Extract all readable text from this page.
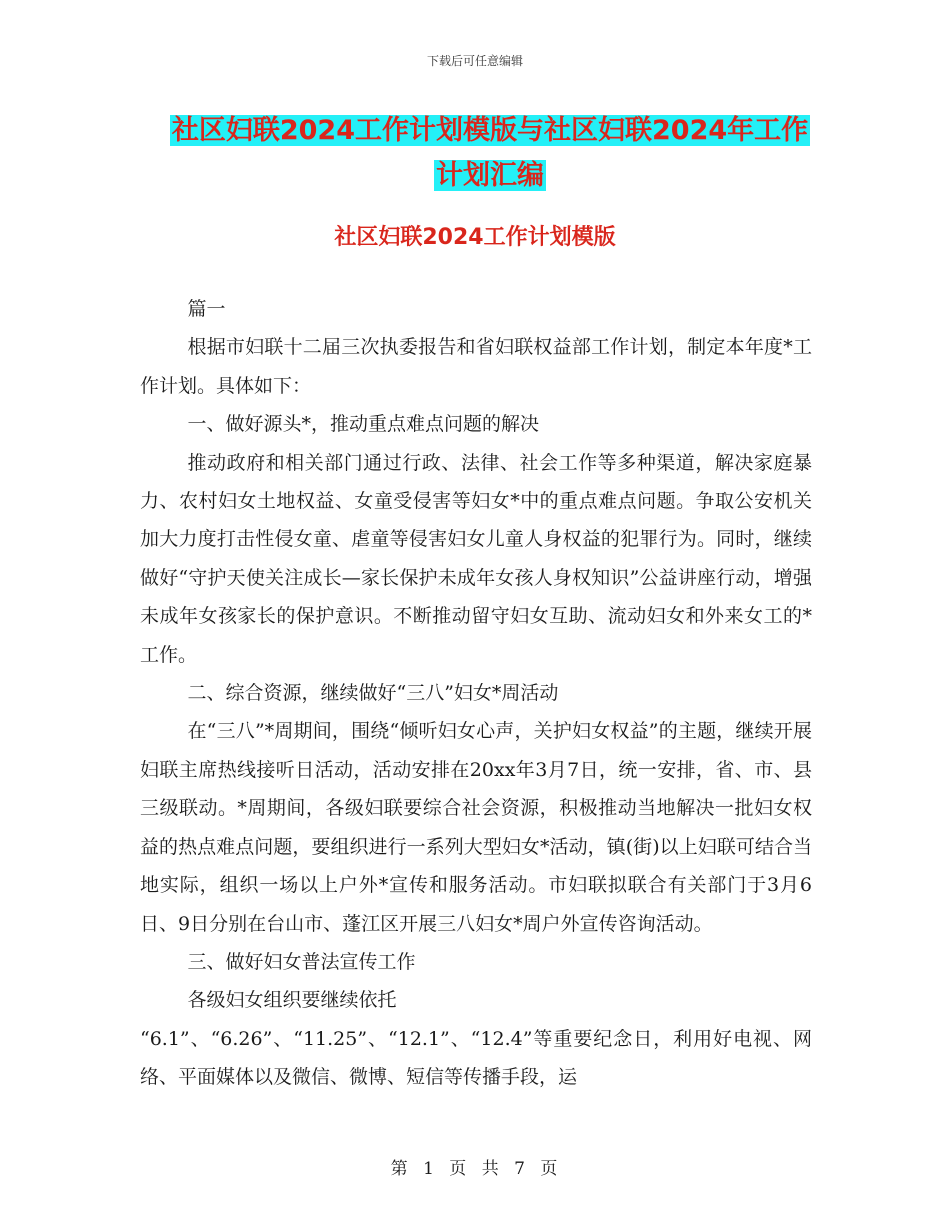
下载后可任意编辑
社区妇联2024工作计划模版与社区妇联2024年工作
计划汇编
社区妇联2024工作计划模版

篇一

根据市妇联十二届三次执委报告和省妇联权益部工作计划，制定本年度*工作计划。具体如下：

一、做好源头*，推动重点难点问题的解决

推动政府和相关部门通过行政、法律、社会工作等多种渠道，解决家庭暴力、农村妇女土地权益、女童受侵害等妇女*中的重点难点问题。争取公安机关加大力度打击性侵女童、虐童等侵害妇女儿童人身权益的犯罪行为。同时，继续做好“守护天使关注成长—家长保护未成年女孩人身权知识”公益讲座行动，增强未成年女孩家长的保护意识。不断推动留守妇女互助、流动妇女和外来女工的*工作。

二、综合资源，继续做好“三八”妇女*周活动

在“三八”*周期间，围绕“倾听妇女心声，关护妇女权益”的主题，继续开展妇联主席热线接听日活动，活动安排在20xx年3月7日，统一安排，省、市、县三级联动。*周期间，各级妇联要综合社会资源，积极推动当地解决一批妇女权益的热点难点问题，要组织进行一系列大型妇女*活动，镇(街)以上妇联可结合当地实际，组织一场以上户外*宣传和服务活动。市妇联拟联合有关部门于3月6日、9日分别在台山市、蓬江区开展三八妇女*周户外宣传咨询活动。

三、做好妇女普法宣传工作

各级妇女组织要继续依托

“6.1”、“6.26”、“11.25”、“12.1”、“12.4”等重要纪念日，利用好电视、网络、平面媒体以及微信、微博、短信等传播手段，运

第 1 页 共 7 页
